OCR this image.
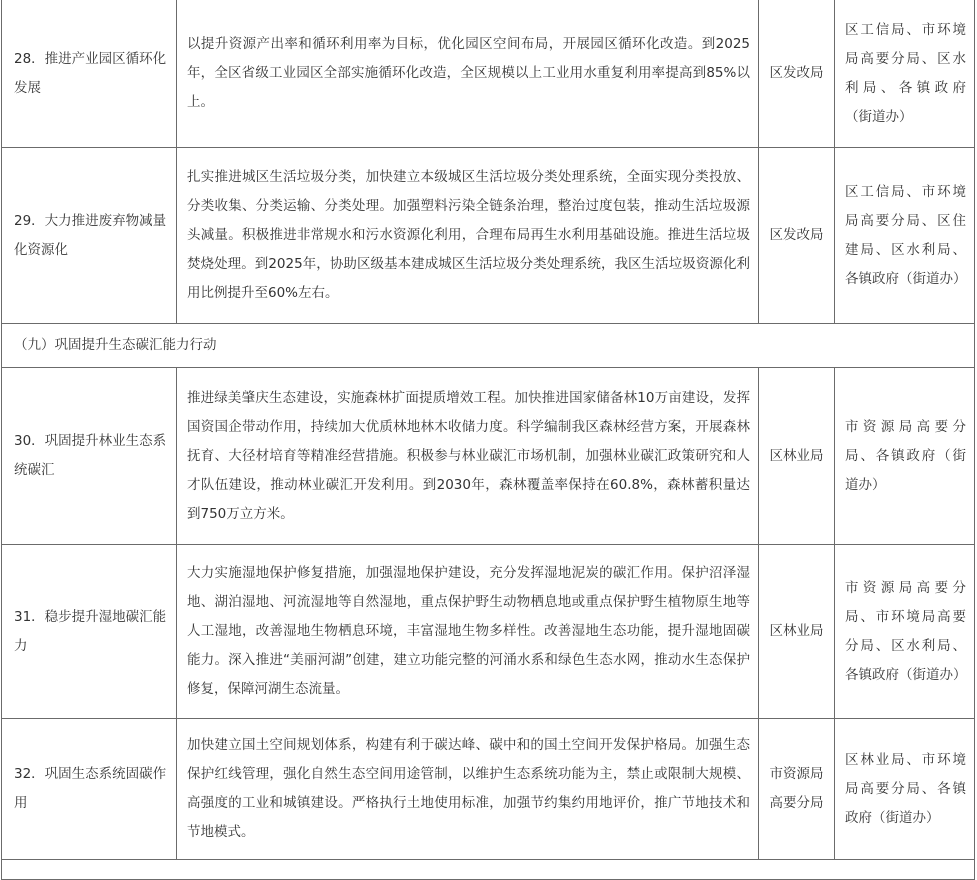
28．推进产业园区循环化发展	以提升资源产出率和循环利用率为目标，优化园区空间布局，开展园区循环化改造。到2025年，全区省级工业园区全部实施循环化改造，全区规模以上工业用水重复利用率提高到85%以上。	区发改局	区工信局、市环境局高要分局、区水利局、各镇政府（街道办）
29．大力推进废弃物减量化资源化	扎实推进城区生活垃圾分类，加快建立本级城区生活垃圾分类处理系统，全面实现分类投放、分类收集、分类运输、分类处理。加强塑料污染全链条治理，整治过度包装，推动生活垃圾源头减量。积极推进非常规水和污水资源化利用，合理布局再生水利用基础设施。推进生活垃圾焚烧处理。到2025年，协助区级基本建成城区生活垃圾分类处理系统，我区生活垃圾资源化利用比例提升至60%左右。	区发改局	区工信局、市环境局高要分局、区住建局、区水利局、各镇政府（街道办）
（九）巩固提升生态碳汇能力行动			
30．巩固提升林业生态系统碳汇	推进绿美肇庆生态建设，实施森林扩面提质增效工程。加快推进国家储备林10万亩建设，发挥国资国企带动作用，持续加大优质林地林木收储力度。科学编制我区森林经营方案，开展森林抚育、大径材培育等精准经营措施。积极参与林业碳汇市场机制，加强林业碳汇政策研究和人才队伍建设，推动林业碳汇开发利用。到2030年，森林覆盖率保持在60.8%，森林蓄积量达到750万立方米。	区林业局	市资源局高要分局、各镇政府（街道办）
31．稳步提升湿地碳汇能力	大力实施湿地保护修复措施，加强湿地保护建设，充分发挥湿地泥炭的碳汇作用。保护沼泽湿地、湖泊湿地、河流湿地等自然湿地，重点保护野生动物栖息地或重点保护野生植物原生地等人工湿地，改善湿地生物栖息环境，丰富湿地生物多样性。改善湿地生态功能，提升湿地固碳能力。深入推进“美丽河湖”创建，建立功能完整的河涌水系和绿色生态水网，推动水生态保护修复，保障河湖生态流量。	区林业局	市资源局高要分局、市环境局高要分局、区水利局、各镇政府（街道办）
32．巩固生态系统固碳作用	加快建立国土空间规划体系，构建有利于碳达峰、碳中和的国土空间开发保护格局。加强生态保护红线管理，强化自然生态空间用途管制，以维护生态系统功能为主，禁止或限制大规模、高强度的工业和城镇建设。严格执行土地使用标准，加强节约集约用地评价，推广节地技术和节地模式。	市资源局高要分局	区林业局、市环境局高要分局、各镇政府（街道办）
